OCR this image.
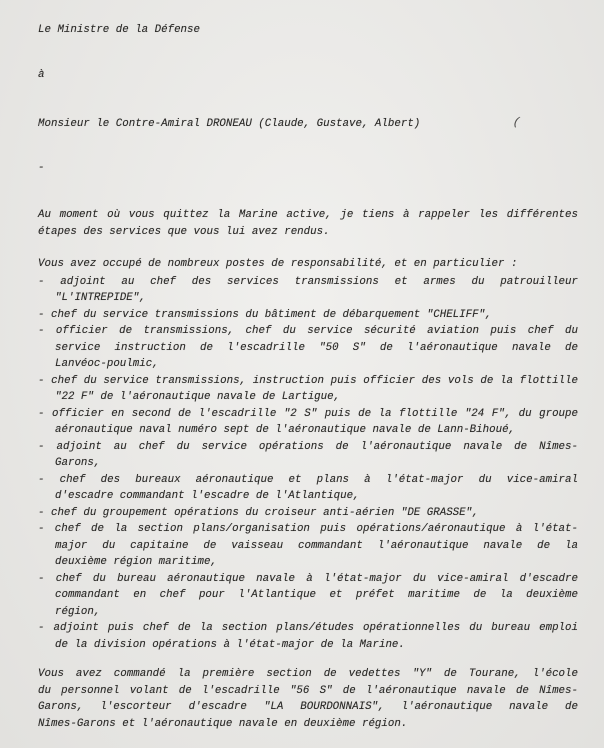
Le Ministre de la Défense

à

Monsieur le Contre-Amiral DRONEAU (Claude, Gustave, Albert)	(

-

Au moment où vous quittez la Marine active, je tiens à rappeler les différentes

étapes des services que vous lui avez rendus.

Vous avez occupé de nombreux postes de responsabilité, et en particulier :

- adjoint au chef des services transmissions et armes du patrouilleur

"L'INTREPIDE",

- chef du service transmissions du bâtiment de débarquement "CHELIFF",

- officier de transmissions, chef du service sécurité aviation puis chef du

service instruction de l'escadrille "50 S" de l'aéronautique navale de

Lanvéoc-poulmic,

- chef du service transmissions, instruction puis officier des vols de la flottille

"22 F" de l'aéronautique navale de Lartigue,

- officier en second de l'escadrille "2 S" puis de la flottille "24 F", du groupe

aéronautique naval numéro sept de l'aéronautique navale de Lann-Bihoué,

- adjoint au chef du service opérations de l'aéronautique navale de Nîmes-

Garons,

- chef des bureaux aéronautique et plans à l'état-major du vice-amiral

d'escadre commandant l'escadre de l'Atlantique,

- chef du groupement opérations du croiseur anti-aérien "DE GRASSE",

- chef de la section plans/organisation puis opérations/aéronautique à l'état-

major du capitaine de vaisseau commandant l'aéronautique navale de la

deuxième région maritime,

- chef du bureau aéronautique navale à l'état-major du vice-amiral d'escadre

commandant en chef pour l'Atlantique et préfet maritime de la deuxième

région,

- adjoint puis chef de la section plans/études opérationnelles du bureau emploi

de la division opérations à l'état-major de la Marine.

Vous avez commandé la première section de vedettes "Y" de Tourane, l'école

du personnel volant de l'escadrille "56 S" de l'aéronautique navale de Nîmes-

Garons, l'escorteur d'escadre "LA BOURDONNAIS", l'aéronautique navale de

Nîmes-Garons et l'aéronautique navale en deuxième région.
